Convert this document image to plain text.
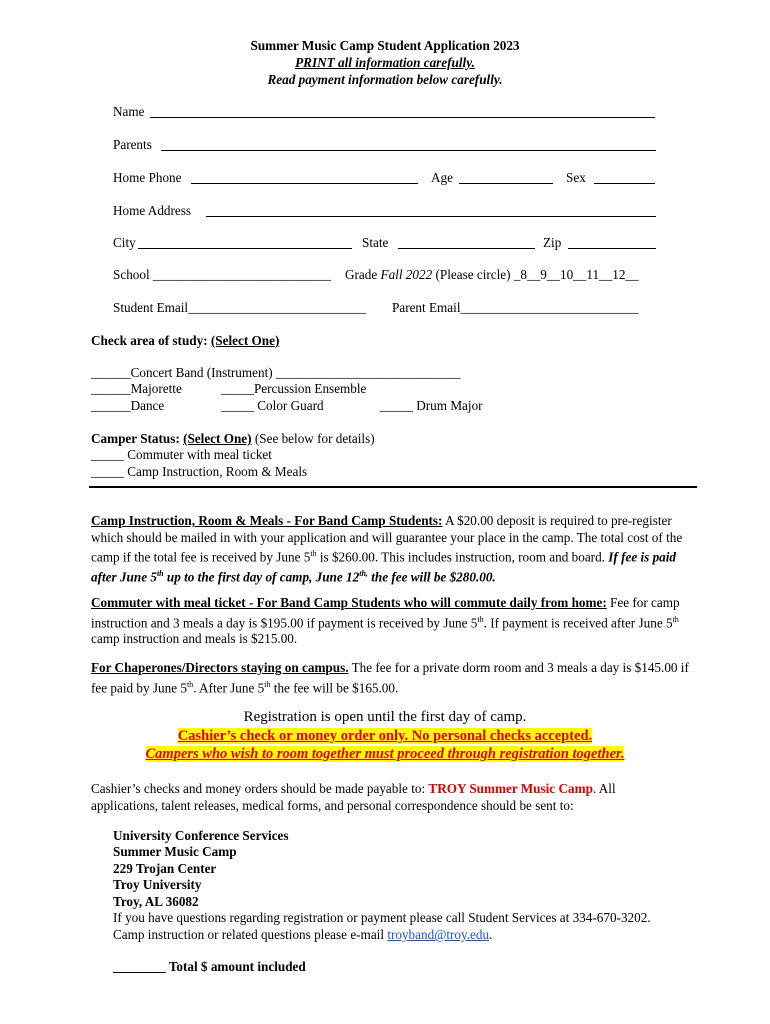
Summer Music Camp Student Application 2023
PRINT all information carefully.
Read payment information below carefully.
Name
Parents
Home Phone	Age	Sex
Home Address
City	State	Zip
School ___________________________ Grade Fall 2022 (Please circle) _8__9__10__11__12__
Student Email___________________________ Parent Email___________________________
Check area of study: (Select One)
______Concert Band (Instrument) ____________________________
______Majorette	_____Percussion Ensemble
______Dance	_____ Color Guard	_____ Drum Major
Camper Status: (Select One) (See below for details)
_____ Commuter with meal ticket
_____ Camp Instruction, Room & Meals
Camp Instruction, Room & Meals - For Band Camp Students: A $20.00 deposit is required to pre-register which should be mailed in with your application and will guarantee your place in the camp. The total cost of the camp if the total fee is received by June 5th is $260.00. This includes instruction, room and board. If fee is paid after June 5th up to the first day of camp, June $12^{th,}$ the fee will be $280.00.
Commuter with meal ticket - For Band Camp Students who will commute daily from home: Fee for camp instruction and 3 meals a day is $195.00 if payment is received by June 5th. If payment is received after June 5th camp instruction and meals is $215.00.
For Chaperones/Directors staying on campus. The fee for a private dorm room and 3 meals a day is $145.00 if fee paid by June 5th. After June 5th the fee will be $165.00.
Registration is open until the first day of camp.
Cashier’s check or money order only. No personal checks accepted.
Campers who wish to room together must proceed through registration together.
Cashier’s checks and money orders should be made payable to: TROY Summer Music Camp. All applications, talent releases, medical forms, and personal correspondence should be sent to:
University Conference Services
Summer Music Camp
229 Trojan Center
Troy University
Troy, AL 36082
If you have questions regarding registration or payment please call Student Services at 334-670-3202.
Camp instruction or related questions please e-mail troyband@troy.edu.
________ Total $ amount included
